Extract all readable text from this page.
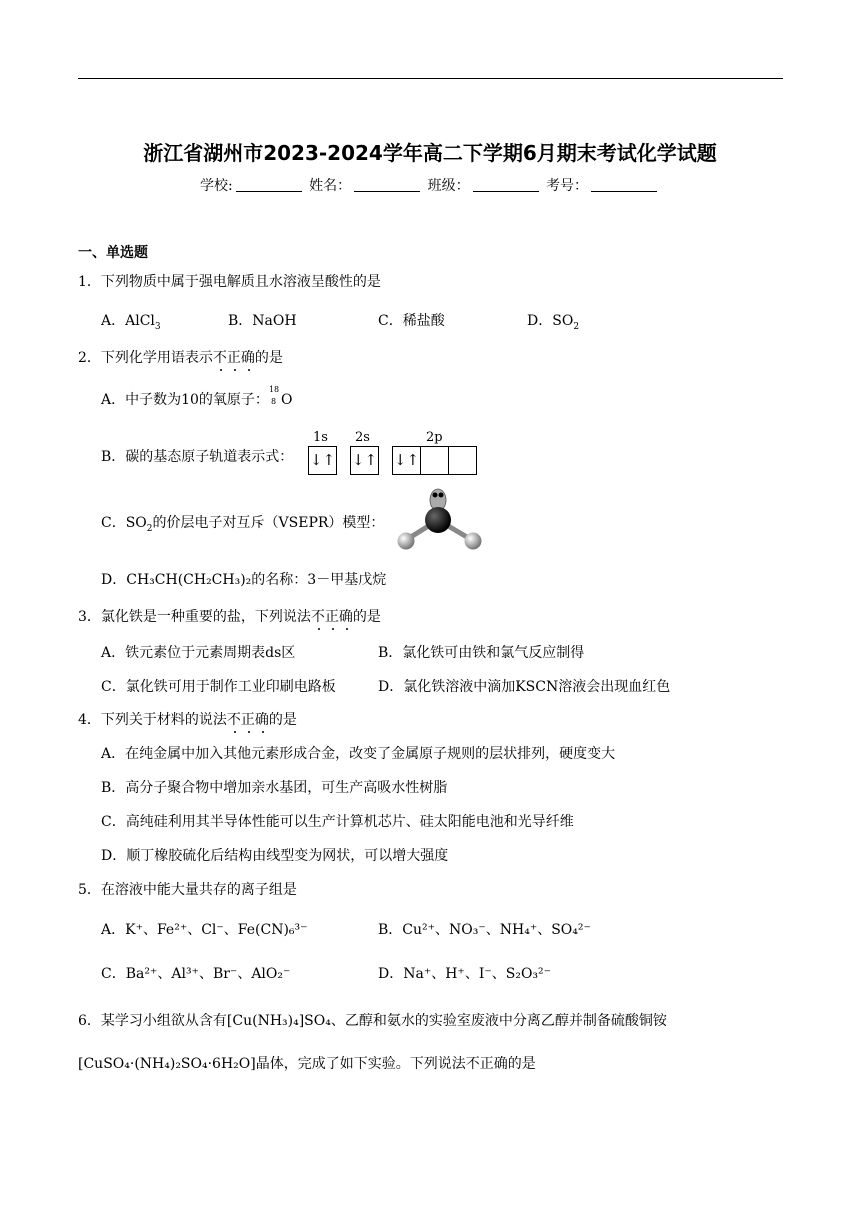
浙江省湖州市2023-2024学年高二下学期6月期末考试化学试题
学校:	姓名：	班级：	考号：
一、单选题
1．下列物质中属于强电解质且水溶液呈酸性的是
A．AlCl$_3$	B．NaOH	C．稀盐酸	D．$SO_2$
2．下列化学用语表示不正确的是
A．中子数为10的氧原子：
18
8 O
B．碳的基态原子轨道表示式：
1s 2s	2p
↓↑ ↓↑ ↓↑
C．$SO_2$的价层电子对互斥（VSEPR）模型：
D．CH₃CH(CH₂CH₃)₂的名称：3－甲基戊烷
3．氯化铁是一种重要的盐，下列说法不正确的是
A．铁元素位于元素周期表ds区	B．氯化铁可由铁和氯气反应制得
C．氯化铁可用于制作工业印刷电路板	D．氯化铁溶液中滴加KSCN溶液会出现血红色
4．下列关于材料的说法不正确的是
A．在纯金属中加入其他元素形成合金，改变了金属原子规则的层状排列，硬度变大
B．高分子聚合物中增加亲水基团，可生产高吸水性树脂
C．高纯硅利用其半导体性能可以生产计算机芯片、硅太阳能电池和光导纤维
D．顺丁橡胶硫化后结构由线型变为网状，可以增大强度
5．在溶液中能大量共存的离子组是
A．K⁺、Fe²⁺、Cl⁻、Fe(CN)₆³⁻	B．Cu²⁺、NO₃⁻、NH₄⁺、SO₄²⁻
C．Ba²⁺、Al³⁺、Br⁻、AlO₂⁻	D．Na⁺、H⁺、I⁻、S₂O₃²⁻
6．某学习小组欲从含有[Cu(NH₃)₄]SO₄、乙醇和氨水的实验室废液中分离乙醇并制备硫酸铜铵
[CuSO₄·(NH₄)₂SO₄·6H₂O]晶体，完成了如下实验。下列说法不正确的是
